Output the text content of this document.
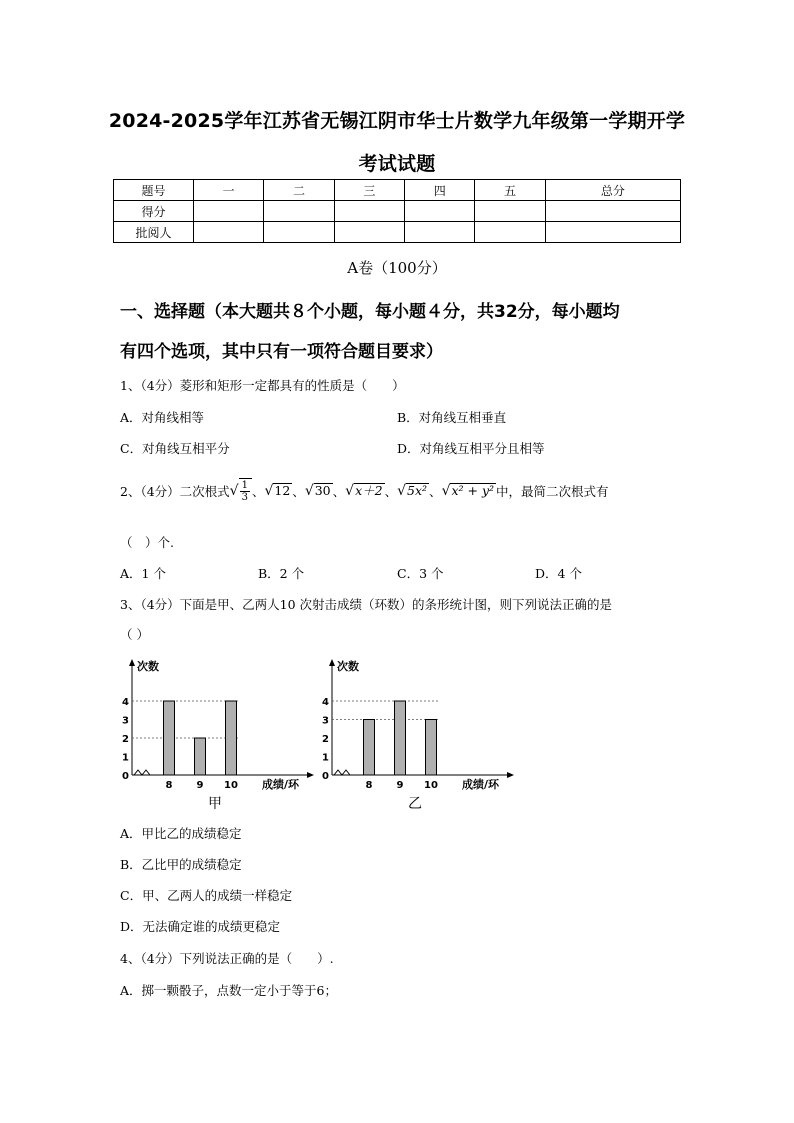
2024-2025学年江苏省无锡江阴市华士片数学九年级第一学期开学
考试试题
题号	一	二	三	四	五	总分
得分						
批阅人						
A卷（100分）
一、选择题（本大题共８个小题，每小题４分，共32分，每小题均
有四个选项，其中只有一项符合题目要求）
1、（4分）菱形和矩形一定都具有的性质是（　　）
A．对角线相等	B．对角线互相垂直
C．对角线互相平分	D．对角线互相平分且相等
2、（4分）二次根式 √ $\frac{1}{3}$ 、 √ 12 、 √ 30 、 √ x＋2 、 √ 5x² 、 √ x² + y² 中，最简二次根式有
（　）个.
A．1 个	B．2 个	C．3 个	D．4 个
3、（4分）下面是甲、乙两人10 次射击成绩（环数）的条形统计图，则下列说法正确的是
（ ）
次数
0
1
2
3
4
8 9 10 成绩/环
甲
次数
0
1
2
3
4
8 9 10 成绩/环
乙
A．甲比乙的成绩稳定
B．乙比甲的成绩稳定
C．甲、乙两人的成绩一样稳定
D．无法确定谁的成绩更稳定
4、（4分）下列说法正确的是（　　）.
A．掷一颗骰子，点数一定小于等于6；
